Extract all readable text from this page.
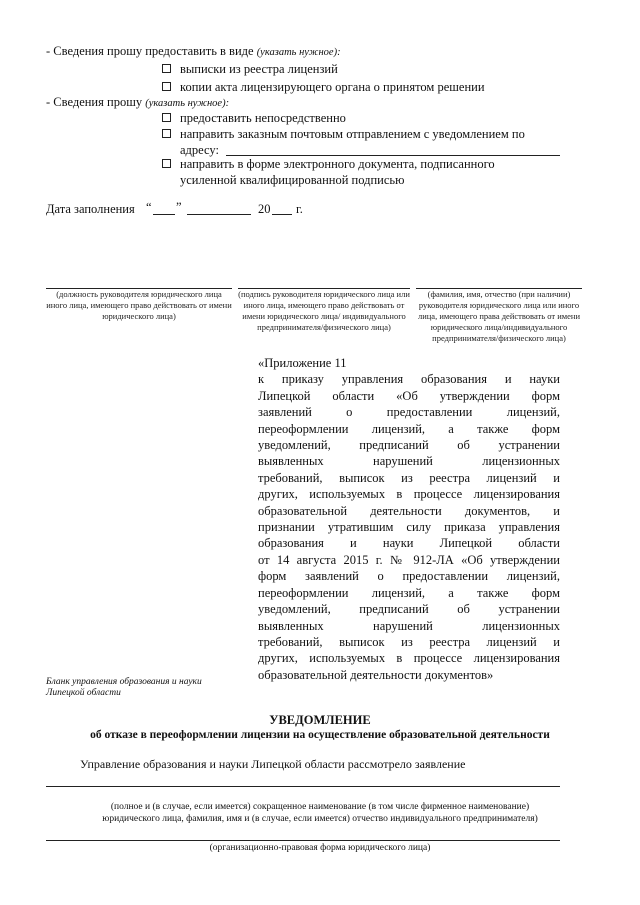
- Сведения прошу предоставить в виде (указать нужное):
выписки из реестра лицензий
копии акта лицензирующего органа о принятом решении
- Сведения прошу (указать нужное):
предоставить непосредственно
направить заказным почтовым отправлением с уведомлением по
адресу:
направить в форме электронного документа, подписанного
усиленной квалифицированной подписью
Дата заполнения “ ”	20 г.
(должность руководителя юридического лица иного лица, имеющего право действовать от имени юридического лица)
(подпись руководителя юридического лица или иного лица, имеющего право действовать от имени юридического лица/ индивидуального предпринимателя/физического лица)
(фамилия, имя, отчество (при наличии) руководителя юридического лица или иного лица, имеющего права действовать от имени юридического лица/индивидуального предпринимателя/физического лица)
«Приложение 11
к приказу управления образования и науки
Липецкой области «Об утверждении форм
заявлений о предоставлении лицензий,
переоформлении лицензий, а также форм
уведомлений, предписаний об устранении
выявленных нарушений лицензионных
требований, выписок из реестра лицензий и
других, используемых в процессе лицензирования
образовательной деятельности документов, и
признании утратившим силу приказа управления
образования и науки Липецкой области
от 14 августа 2015 г. № 912-ЛА «Об утверждении
форм заявлений о предоставлении лицензий,
переоформлении лицензий, а также форм
уведомлений, предписаний об устранении
выявленных нарушений лицензионных
требований, выписок из реестра лицензий и
других, используемых в процессе лицензирования
образовательной деятельности документов»
Бланк управления образования и науки
Липецкой области
УВЕДОМЛЕНИЕ
об отказе в переоформлении лицензии на осуществление образовательной деятельности
Управление образования и науки Липецкой области рассмотрело заявление
(полное и (в случае, если имеется) сокращенное наименование (в том числе фирменное наименование)
юридического лица, фамилия, имя и (в случае, если имеется) отчество индивидуального предпринимателя)
(организационно-правовая форма юридического лица)
